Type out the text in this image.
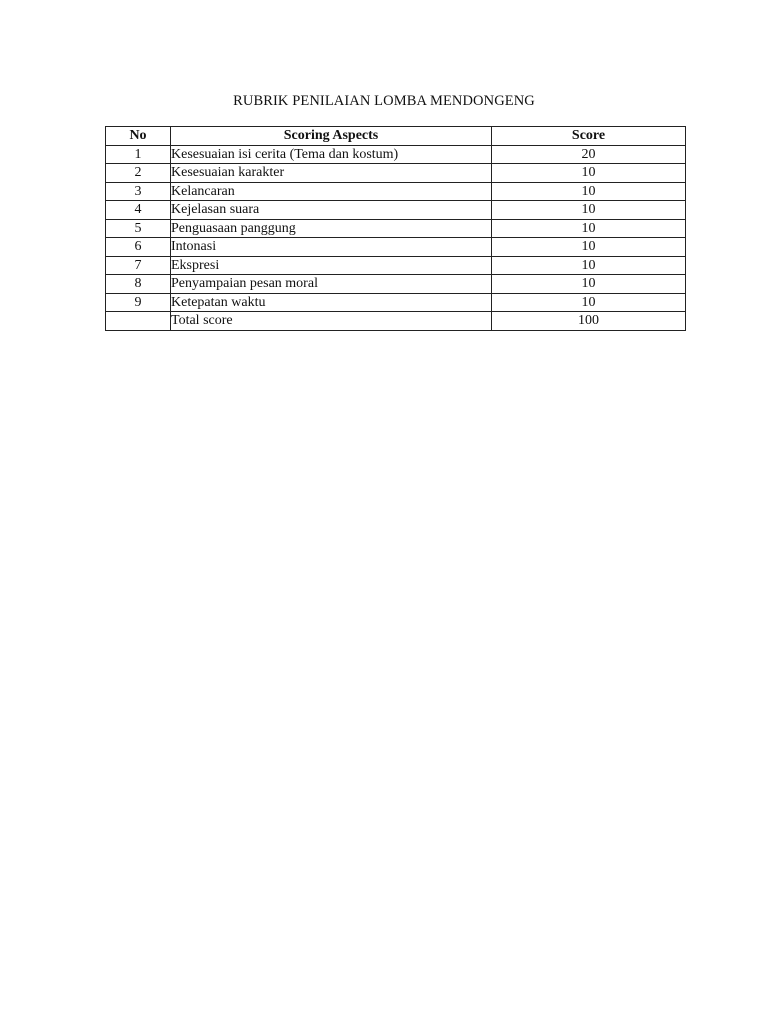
RUBRIK PENILAIAN LOMBA MENDONGENG
No	Scoring Aspects	Score
1	Kesesuaian isi cerita (Tema dan kostum)	20
2	Kesesuaian karakter	10
3	Kelancaran	10
4	Kejelasan suara	10
5	Penguasaan panggung	10
6	Intonasi	10
7	Ekspresi	10
8	Penyampaian pesan moral	10
9	Ketepatan waktu	10
	Total score	100
